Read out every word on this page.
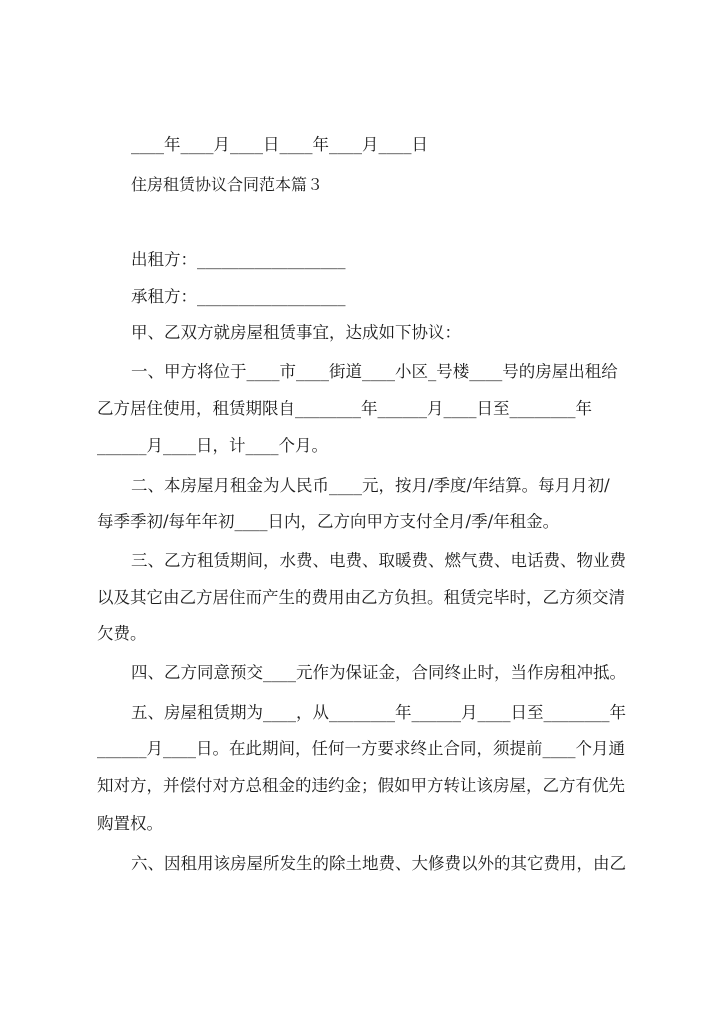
____年____月____日____年____月____日
住房租赁协议合同范本篇３
出租方：__________________
承租方：__________________
甲、乙双方就房屋租赁事宜，达成如下协议：
一、甲方将位于____市____街道____小区_号楼____号的房屋出租给
乙方居住使用，租赁期限自________年______月____日至________年
______月____日，计____个月。
二、本房屋月租金为人民币____元，按月/季度/年结算。每月月初/
每季季初/每年年初____日内，乙方向甲方支付全月/季/年租金。
三、乙方租赁期间，水费、电费、取暖费、燃气费、电话费、物业费
以及其它由乙方居住而产生的费用由乙方负担。租赁完毕时，乙方须交清
欠费。
四、乙方同意预交____元作为保证金，合同终止时，当作房租冲抵。
五、房屋租赁期为____，从________年______月____日至________年
______月____日。在此期间，任何一方要求终止合同，须提前____个月通
知对方，并偿付对方总租金的违约金；假如甲方转让该房屋，乙方有优先
购置权。
六、因租用该房屋所发生的除土地费、大修费以外的其它费用，由乙
